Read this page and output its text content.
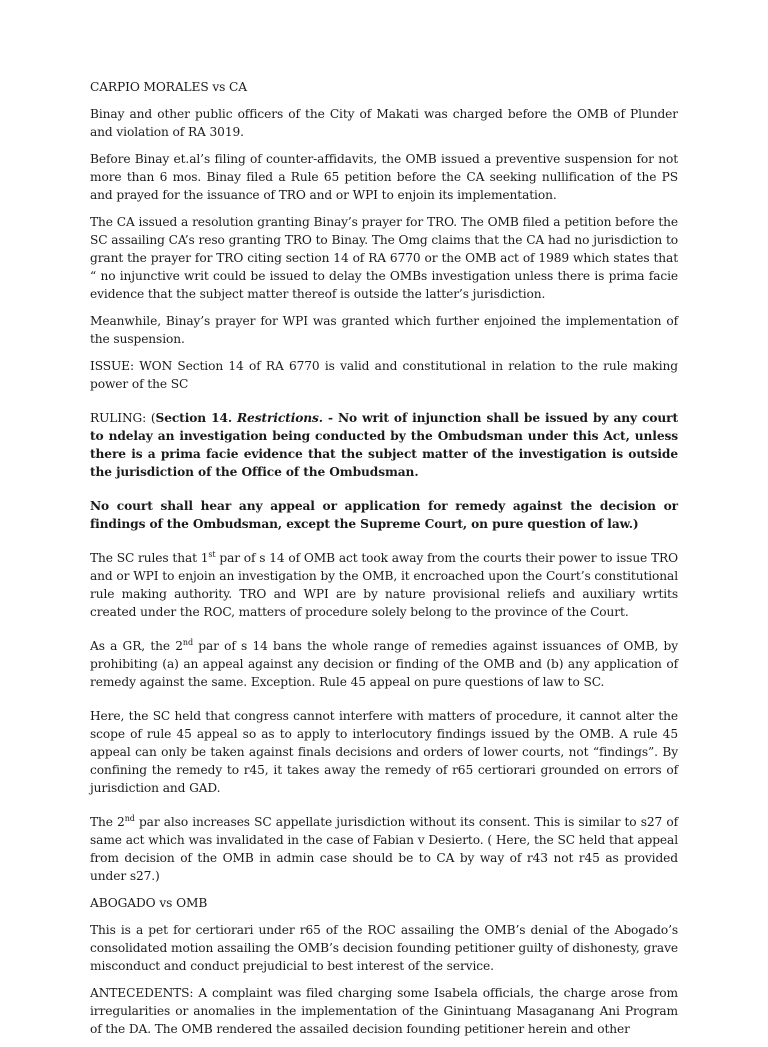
CARPIO MORALES vs CA

Binay and other public officers of the City of Makati was charged before the OMB of Plunder and violation of RA 3019.

Before Binay et.al’s filing of counter-affidavits, the OMB issued a preventive suspension for not more than 6 mos. Binay filed a Rule 65 petition before the CA seeking nullification of the PS and prayed for the issuance of TRO and or WPI to enjoin its implementation.

The CA issued a resolution granting Binay’s prayer for TRO. The OMB filed a petition before the SC assailing CA’s reso granting TRO to Binay. The Omg claims that the CA had no jurisdiction to grant the prayer for TRO citing section 14 of RA 6770 or the OMB act of 1989 which states that “ no injunctive writ could be issued to delay the OMBs investigation unless there is prima facie evidence that the subject matter thereof is outside the latter’s jurisdiction.

Meanwhile, Binay’s prayer for WPI was granted which further enjoined the implementation of the suspension.

ISSUE: WON Section 14 of RA 6770 is valid and constitutional in relation to the rule making power of the SC

RULING: (Section 14. Restrictions. - No writ of injunction shall be issued by any court to ndelay an investigation being conducted by the Ombudsman under this Act, unless there is a prima facie evidence that the subject matter of the investigation is outside the jurisdiction of the Office of the Ombudsman.

No court shall hear any appeal or application for remedy against the decision or findings of the Ombudsman, except the Supreme Court, on pure question of law.)

The SC rules that 1st par of s 14 of OMB act took away from the courts their power to issue TRO and or WPI to enjoin an investigation by the OMB, it encroached upon the Court’s constitutional rule making authority. TRO and WPI are by nature provisional reliefs and auxiliary wrtits created under the ROC, matters of procedure solely belong to the province of the Court.

As a GR, the 2nd par of s 14 bans the whole range of remedies against issuances of OMB, by prohibiting (a) an appeal against any decision or finding of the OMB and (b) any application of remedy against the same. Exception. Rule 45 appeal on pure questions of law to SC.

Here, the SC held that congress cannot interfere with matters of procedure, it cannot alter the scope of rule 45 appeal so as to apply to interlocutory findings issued by the OMB. A rule 45 appeal can only be taken against finals decisions and orders of lower courts, not “findings”. By confining the remedy to r45, it takes away the remedy of r65 certiorari grounded on errors of jurisdiction and GAD.

The 2nd par also increases SC appellate jurisdiction without its consent. This is similar to s27 of same act which was invalidated in the case of Fabian v Desierto. ( Here, the SC held that appeal from decision of the OMB in admin case should be to CA by way of r43 not r45 as provided under s27.)

ABOGADO vs OMB

This is a pet for certiorari under r65 of the ROC assailing the OMB’s denial of the Abogado’s consolidated motion assailing the OMB’s decision founding petitioner guilty of dishonesty, grave misconduct and conduct prejudicial to best interest of the service.

ANTECEDENTS: A complaint was filed charging some Isabela officials, the charge arose from irregularities or anomalies in the implementation of the Ginintuang Masaganang Ani Program of the DA. The OMB rendered the assailed decision founding petitioner herein and other
